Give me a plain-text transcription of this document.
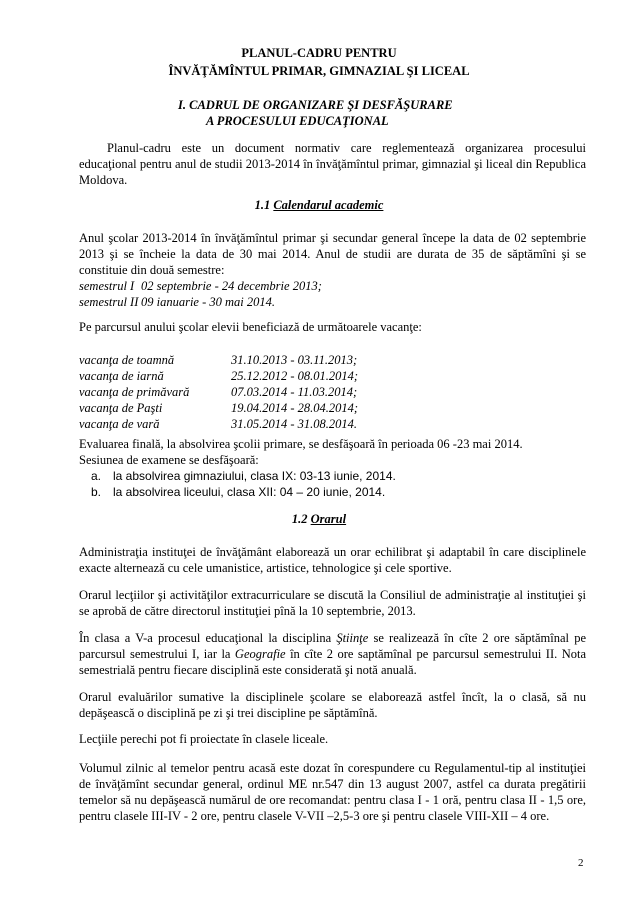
PLANUL-CADRU PENTRU
ÎNVĂŢĂMÎNTUL PRIMAR, GIMNAZIAL ŞI LICEAL
I. CADRUL DE ORGANIZARE ŞI DESFĂŞURARE
A PROCESULUI EDUCAŢIONAL

Planul-cadru este un document normativ care reglementează organizarea procesului educaţional pentru anul de studii 2013-2014 în învăţămîntul primar, gimnazial şi liceal din Republica Moldova.

1.1 Calendarul academic

Anul şcolar 2013-2014 în învăţămîntul primar şi secundar general începe la data de 02 septembrie 2013 şi se încheie la data de 30 mai 2014. Anul de studii are durata de 35 de săptămîni şi se constituie din două semestre:

semestrul I 02 septembrie - 24 decembrie 2013;
semestrul II 09 ianuarie - 30 mai 2014.

Pe parcursul anului şcolar elevii beneficiază de următoarele vacanţe:

vacanţa de toamnă	31.10.2013 - 03.11.2013;
vacanţa de iarnă	25.12.2012 - 08.01.2014;
vacanţa de primăvară	07.03.2014 - 11.03.2014;
vacanţa de Paşti	19.04.2014 - 28.04.2014;
vacanţa de vară	31.05.2014 - 31.08.2014.
Evaluarea finală, la absolvirea şcolii primare, se desfăşoară în perioada 06 -23 mai 2014.
Sesiunea de examene se desfăşoară:
a. la absolvirea gimnaziului, clasa IX: 03-13 iunie, 2014.
b. la absolvirea liceului, clasa XII: 04 – 20 iunie, 2014.
1.2 Orarul

Administraţia instituţei de învăţământ elaborează un orar echilibrat şi adaptabil în care disciplinele exacte alternează cu cele umanistice, artistice, tehnologice şi cele sportive.

Orarul lecţiilor şi activităţilor extracurriculare se discută la Consiliul de administraţie al instituţiei şi se aprobă de către directorul instituţiei pînă la 10 septembrie, 2013.

În clasa a V-a procesul educaţional la disciplina Ştiinţe se realizează în cîte 2 ore săptămînal pe parcursul semestrului I, iar la Geografie în cîte 2 ore saptămînal pe parcursul semestrului II. Nota semestrială pentru fiecare disciplină este considerată şi notă anuală.

Orarul evaluărilor sumative la disciplinele şcolare se elaborează astfel încît, la o clasă, să nu depăşească o disciplină pe zi şi trei discipline pe săptămînă.

Lecţiile perechi pot fi proiectate în clasele liceale.

Volumul zilnic al temelor pentru acasă este dozat în corespundere cu Regulamentul-tip al instituţiei de învăţămînt secundar general, ordinul ME nr.547 din 13 august 2007, astfel ca durata pregătirii temelor să nu depăşească numărul de ore recomandat: pentru clasa I - 1 oră, pentru clasa II - 1,5 ore, pentru clasele III-IV - 2 ore, pentru clasele V-VII –2,5-3 ore şi pentru clasele VIII-XII – 4 ore.

2
